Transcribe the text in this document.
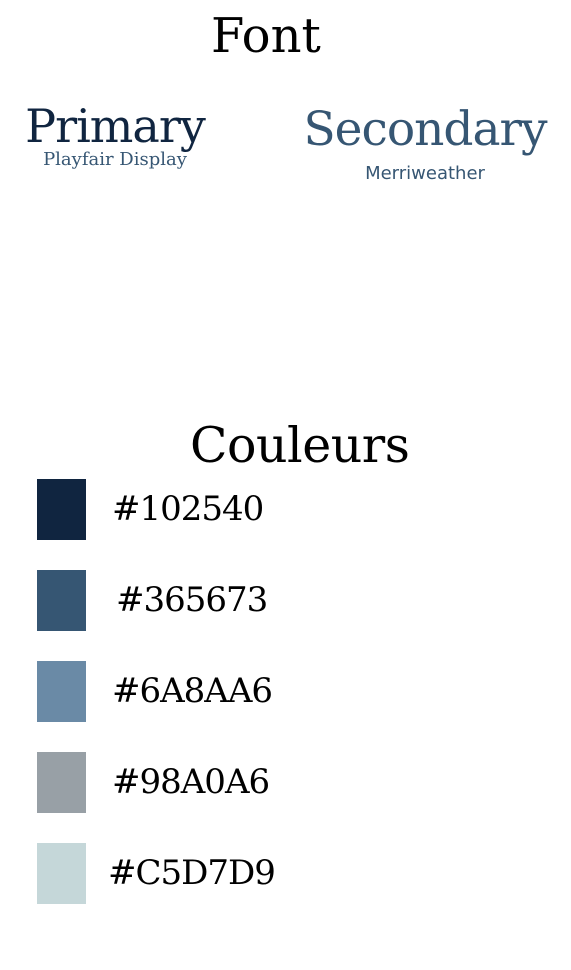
Font
Primary
Playfair Display
Secondary
Merriweather
Couleurs
#102540
#365673
#6A8AA6
#98A0A6
#C5D7D9
